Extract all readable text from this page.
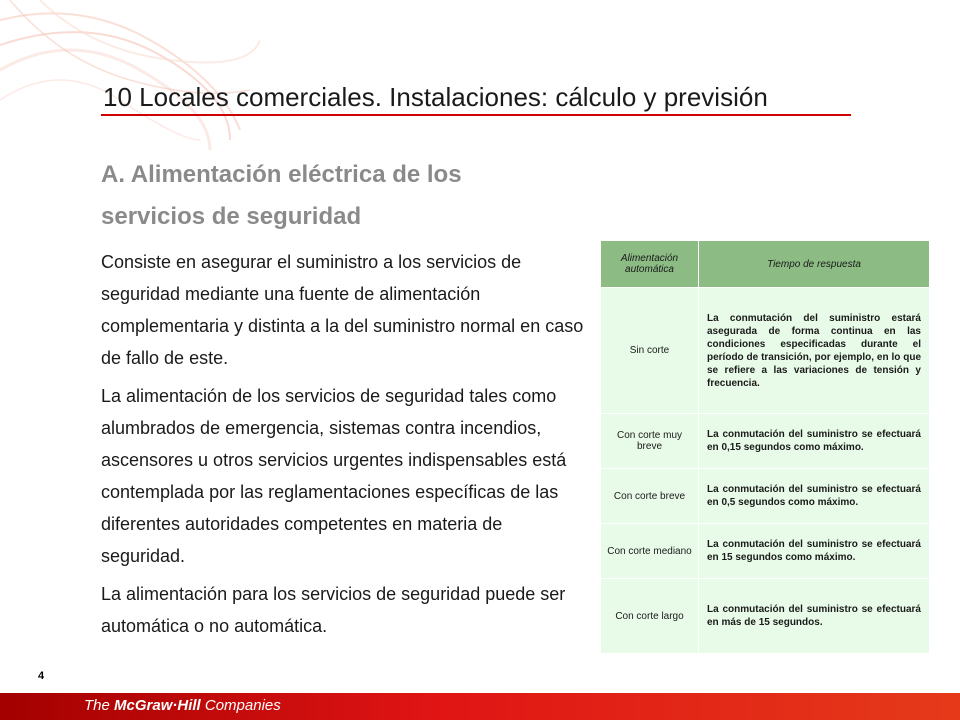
10 Locales comerciales. Instalaciones: cálculo y previsión
A. Alimentación eléctrica de los
servicios de seguridad

Consiste en asegurar el suministro a los servicios de seguridad mediante una fuente de alimentación complementaria y distinta a la del suministro normal en caso de fallo de este.

La alimentación de los servicios de seguridad tales como alumbrados de emergencia, sistemas contra incendios, ascensores u otros servicios urgentes indispensables está contemplada por las reglamentaciones específicas de las diferentes autoridades competentes en materia de seguridad.

La alimentación para los servicios de seguridad puede ser automática o no automática.

Alimentación automática	Tiempo de respuesta
Sin corte	La conmutación del suministro estará asegurada de forma continua en las condiciones especificadas durante el período de transición, por ejemplo, en lo que se refiere a las variaciones de tensión y frecuencia.
Con corte muy breve	La conmutación del suministro se efectuará en 0,15 segundos como máximo.
Con corte breve	La conmutación del suministro se efectuará en 0,5 segundos como máximo.
Con corte mediano	La conmutación del suministro se efectuará en 15 segundos como máximo.
Con corte largo	La conmutación del suministro se efectuará en más de 15 segundos.
4
The McGraw·Hill Companies
